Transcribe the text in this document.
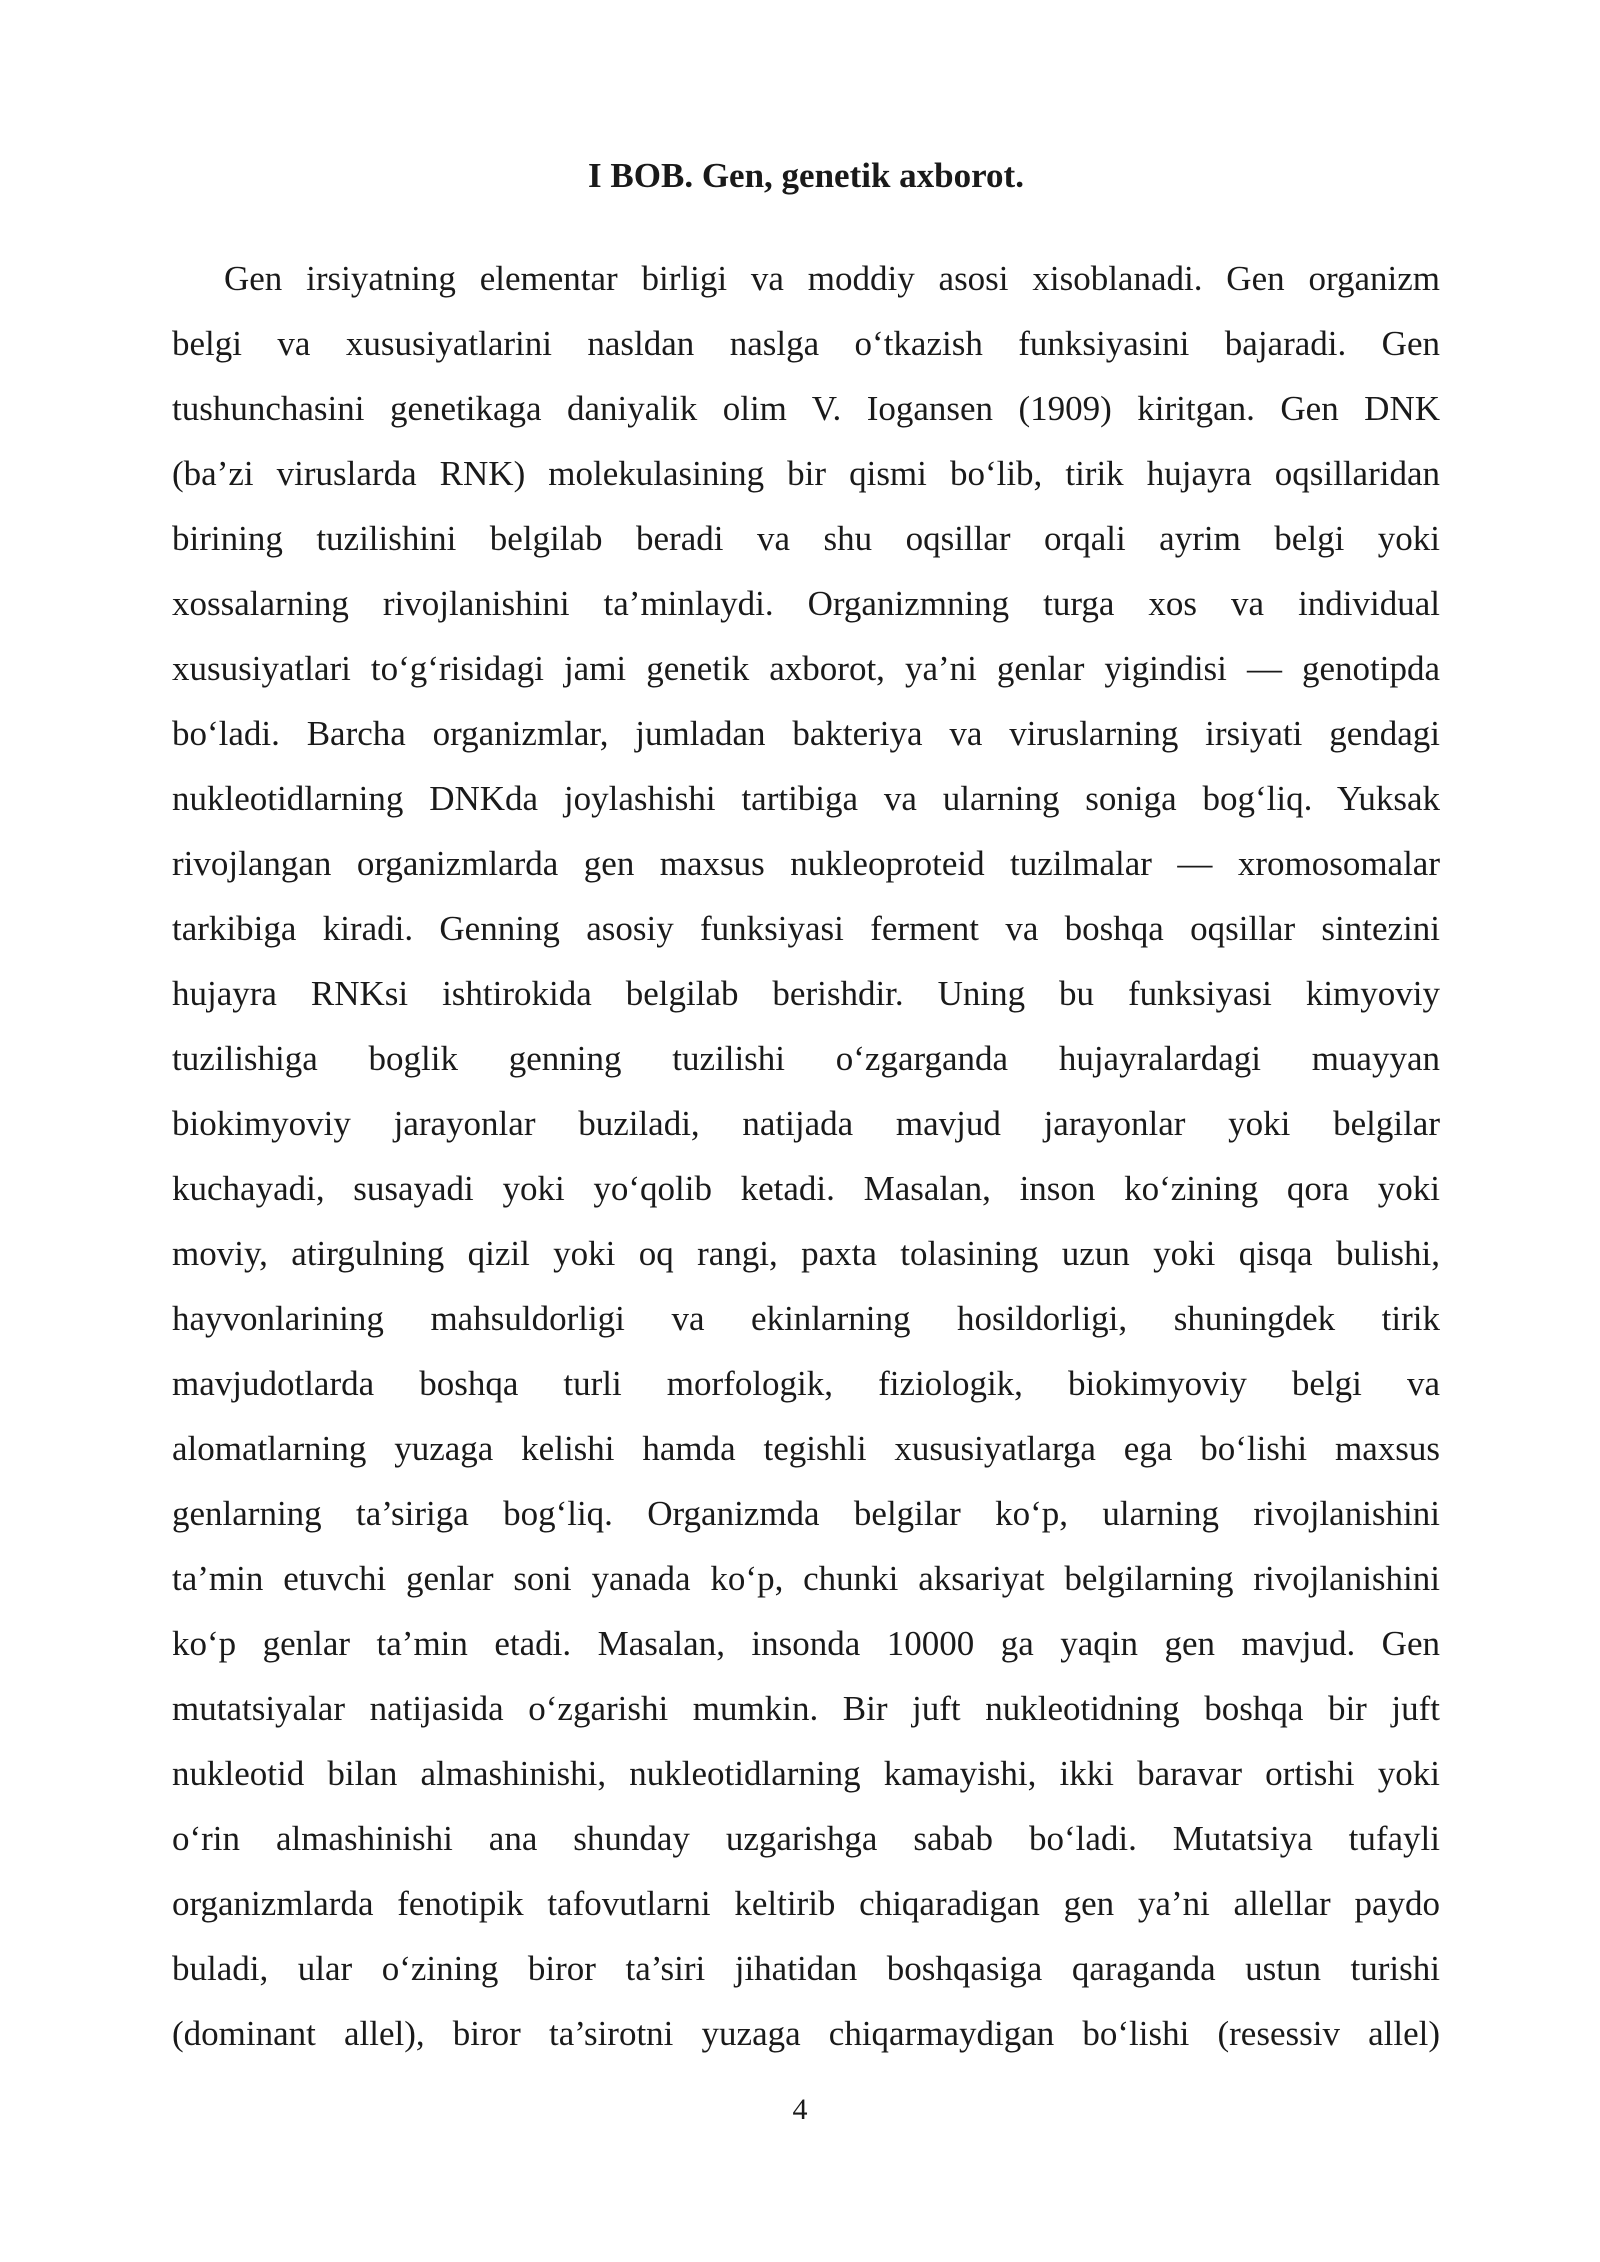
I BOB. Gen, genetik axborot.

Gen irsiyatning elementar birligi va moddiy asosi xisoblanadi. Gen organizm
belgi va xususiyatlarini nasldan naslga o‘tkazish funksiyasini bajaradi. Gen
tushunchasini genetikaga daniyalik olim V. Iogansen (1909) kiritgan. Gen DNK
(ba’zi viruslarda RNK) molekulasining bir qismi bo‘lib, tirik hujayra oqsillaridan
birining tuzilishini belgilab beradi va shu oqsillar orqali ayrim belgi yoki
xossalarning rivojlanishini ta’minlaydi. Organizmning turga xos va individual
xususiyatlari to‘g‘risidagi jami genetik axborot, ya’ni genlar yigindisi — genotipda
bo‘ladi. Barcha organizmlar, jumladan bakteriya va viruslarning irsiyati gendagi
nukleotidlarning DNKda joylashishi tartibiga va ularning soniga bog‘liq. Yuksak
rivojlangan organizmlarda gen maxsus nukleoproteid tuzilmalar — xromosomalar
tarkibiga kiradi. Genning asosiy funksiyasi ferment va boshqa oqsillar sintezini
hujayra RNKsi ishtirokida belgilab berishdir. Uning bu funksiyasi kimyoviy
tuzilishiga boglik genning tuzilishi o‘zgarganda hujayralardagi muayyan
biokimyoviy jarayonlar buziladi, natijada mavjud jarayonlar yoki belgilar
kuchayadi, susayadi yoki yo‘qolib ketadi. Masalan, inson ko‘zining qora yoki
moviy, atirgulning qizil yoki oq rangi, paxta tolasining uzun yoki qisqa bulishi,
hayvonlarining mahsuldorligi va ekinlarning hosildorligi, shuningdek tirik
mavjudotlarda boshqa turli morfologik, fiziologik, biokimyoviy belgi va
alomatlarning yuzaga kelishi hamda tegishli xususiyatlarga ega bo‘lishi maxsus
genlarning ta’siriga bog‘liq. Organizmda belgilar ko‘p, ularning rivojlanishini
ta’min etuvchi genlar soni yanada ko‘p, chunki aksariyat belgilarning rivojlanishini
ko‘p genlar ta’min etadi. Masalan, insonda 10000 ga yaqin gen mavjud. Gen
mutatsiyalar natijasida o‘zgarishi mumkin. Bir juft nukleotidning boshqa bir juft
nukleotid bilan almashinishi, nukleotidlarning kamayishi, ikki baravar ortishi yoki
o‘rin almashinishi ana shunday uzgarishga sabab bo‘ladi. Mutatsiya tufayli
organizmlarda fenotipik tafovutlarni keltirib chiqaradigan gen ya’ni allellar paydo
buladi, ular o‘zining biror ta’siri jihatidan boshqasiga qaraganda ustun turishi
(dominant allel), biror ta’sirotni yuzaga chiqarmaydigan bo‘lishi (resessiv allel)

4
